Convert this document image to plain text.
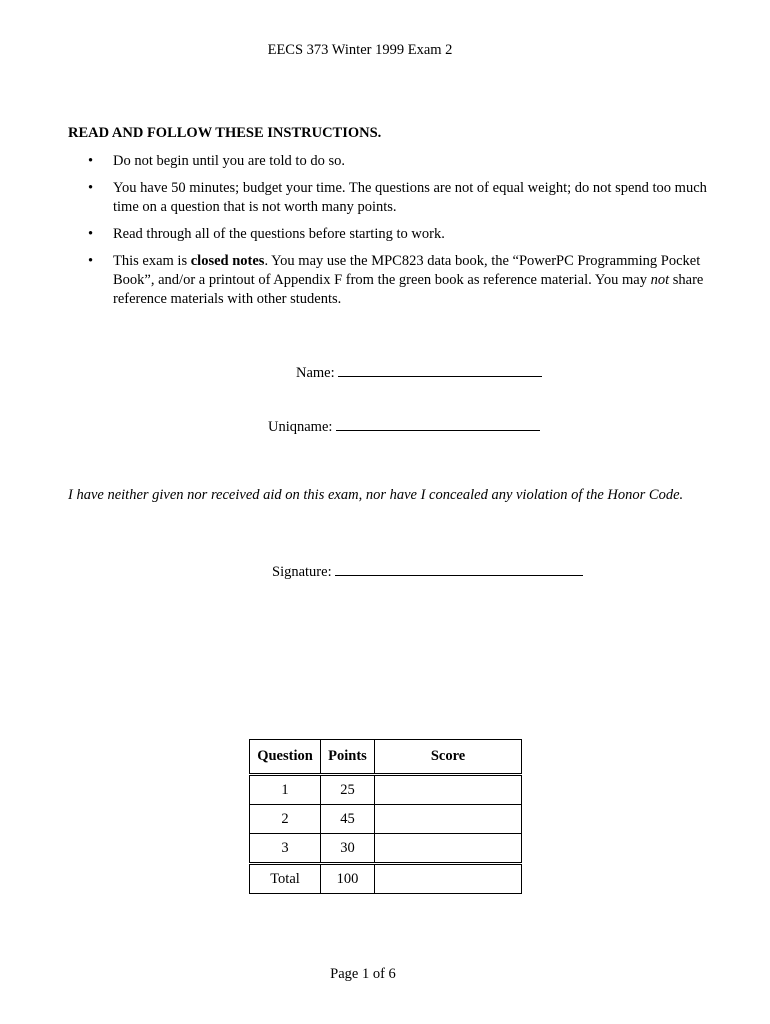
EECS 373 Winter 1999 Exam 2
READ AND FOLLOW THESE INSTRUCTIONS.
• Do not begin until you are told to do so.
• You have 50 minutes; budget your time. The questions are not of equal weight; do not spend too much time on a question that is not worth many points.
• Read through all of the questions before starting to work.
• This exam is closed notes. You may use the MPC823 data book, the “PowerPC Programming Pocket Book”, and/or a printout of Appendix F from the green book as reference material. You may not share reference materials with other students.
Name:
Uniqname:
I have neither given nor received aid on this exam, nor have I concealed any violation of the Honor Code.
Signature:
Question	Points	Score
1	25	
2	45	
3	30	
Total	100	
Page 1 of 6
